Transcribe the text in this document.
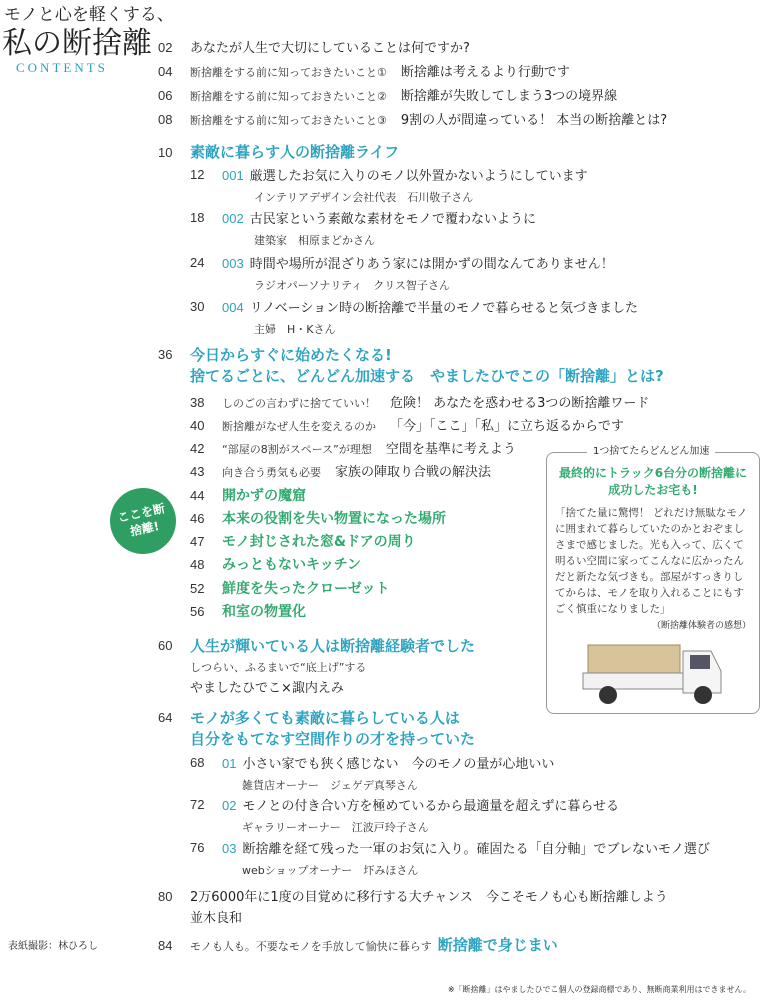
モノと心を軽くする、
私の断捨離
CONTENTS
02	あなたが人生で大切にしていることは何ですか?
04	断捨離をする前に知っておきたいこと① 断捨離は考えるより行動です
06	断捨離をする前に知っておきたいこと② 断捨離が失敗してしまう3つの境界線
08	断捨離をする前に知っておきたいこと③ 9割の人が間違っている！ 本当の断捨離とは?
10	素敵に暮らす人の断捨離ライフ
12	001 厳選したお気に入りのモノ以外置かないようにしています
インテリアデザイン会社代表　石川敬子さん
18	002 古民家という素敵な素材をモノで覆わないように
建築家　相原まどかさん
24	003 時間や場所が混ざりあう家には開かずの間なんてありません！
ラジオパーソナリティ　クリス智子さん
30	004 リノベーション時の断捨離で半量のモノで暮らせると気づきました
主婦　H・Kさん
36	今日からすぐに始めたくなる!
捨てるごとに、どんどん加速する　やましたひでこの「断捨離」とは?
38	しのごの言わずに捨てていい！ 危険！ あなたを惑わせる3つの断捨離ワード
40	断捨離がなぜ人生を変えるのか 「今」「ここ」「私」に立ち返るからです
42	“部屋の8割がスペース”が理想 空間を基準に考えよう
43	向き合う勇気も必要 家族の陣取り合戦の解決法
44	開かずの魔窟
46	本来の役割を失い物置になった場所
47	モノ封じされた窓&ドアの周り
48	みっともないキッチン
52	鮮度を失ったクローゼット
56	和室の物置化
60	人生が輝いている人は断捨離経験者でした
しつらい、ふるまいで“底上げ”する
やましたひでこ×諏内えみ
64	モノが多くても素敵に暮らしている人は
自分をもてなす空間作りの才を持っていた
68	01 小さい家でも狭く感じない　今のモノの量が心地いい
雑貨店オーナー　ジェゲデ真琴さん
72	02 モノとの付き合い方を極めているから最適量を超えずに暮らせる
ギャラリーオーナー　江波戸玲子さん
76	03 断捨離を経て残った一軍のお気に入り。確固たる「自分軸」でブレないモノ選び
webショップオーナー　圷みほさん
80	2万6000年に1度の目覚めに移行する大チャンス　今こそモノも心も断捨離しよう
並木良和
84	モノも人も。不要なモノを手放して愉快に暮らす 断捨離で身じまい
ここを断捨離!
1つ捨てたらどんどん加速
最終的にトラック6台分の断捨離に成功したお宅も!
「捨てた量に驚愕！ どれだけ無駄なモノに囲まれて暮らしていたのかとおぞましさまで感じました。光も入って、広くて明るい空間に家ってこんなに広かったんだと新たな気づきも。部屋がすっきりしてからは、モノを取り入れることにもすごく慎重になりました」
（断捨離体験者の感想）
表紙撮影：林ひろし
※「断捨離」はやましたひでこ個人の登録商標であり、無断商業利用はできません。
